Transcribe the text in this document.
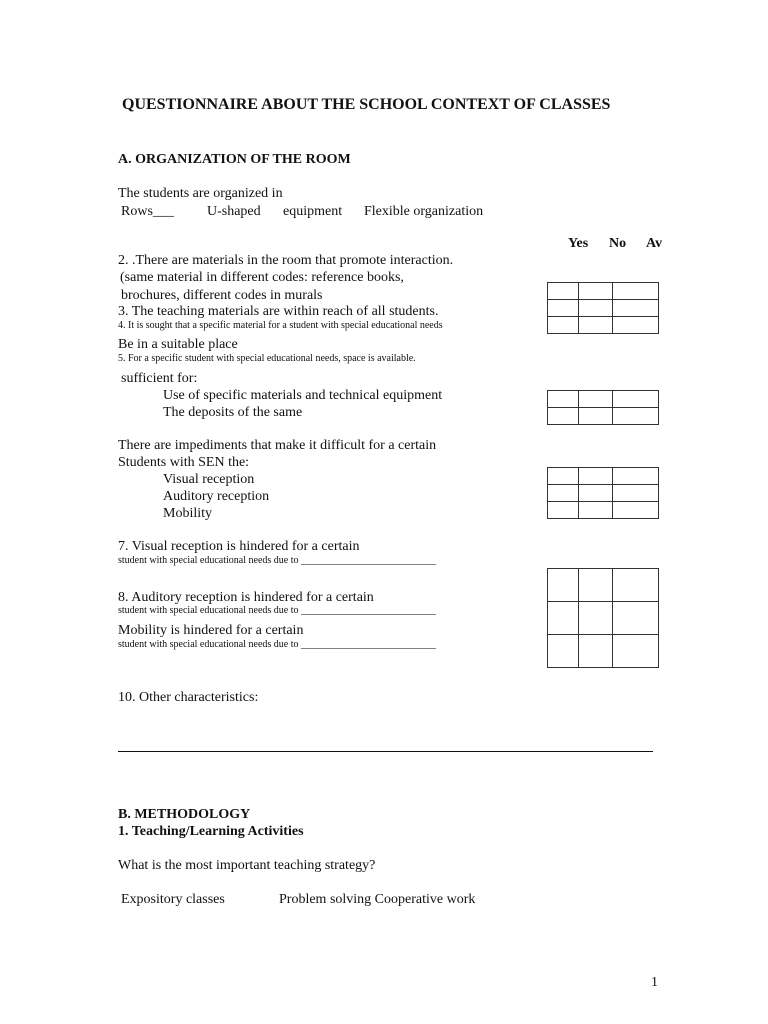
QUESTIONNAIRE ABOUT THE SCHOOL CONTEXT OF CLASSES
A. ORGANIZATION OF THE ROOM
The students are organized in
Rows___ U-shaped equipment Flexible organization
Yes No Av
2. .There are materials in the room that promote interaction.
(same material in different codes: reference books,
brochures, different codes in murals
3. The teaching materials are within reach of all students.
4. It is sought that a specific material for a student with special educational needs
Be in a suitable place

5. For a specific student with special educational needs, space is available.
sufficient for:
Use of specific materials and technical equipment
The deposits of the same

There are impediments that make it difficult for a certain
Students with SEN the:
Visual reception
Auditory reception
Mobility

7. Visual reception is hindered for a certain
student with special educational needs due to ___________________________
8. Auditory reception is hindered for a certain
student with special educational needs due to ___________________________
Mobility is hindered for a certain
student with special educational needs due to ___________________________

10. Other characteristics:
B. METHODOLOGY
1. Teaching/Learning Activities
What is the most important teaching strategy?
Expository classes	Problem solving Cooperative work
1
